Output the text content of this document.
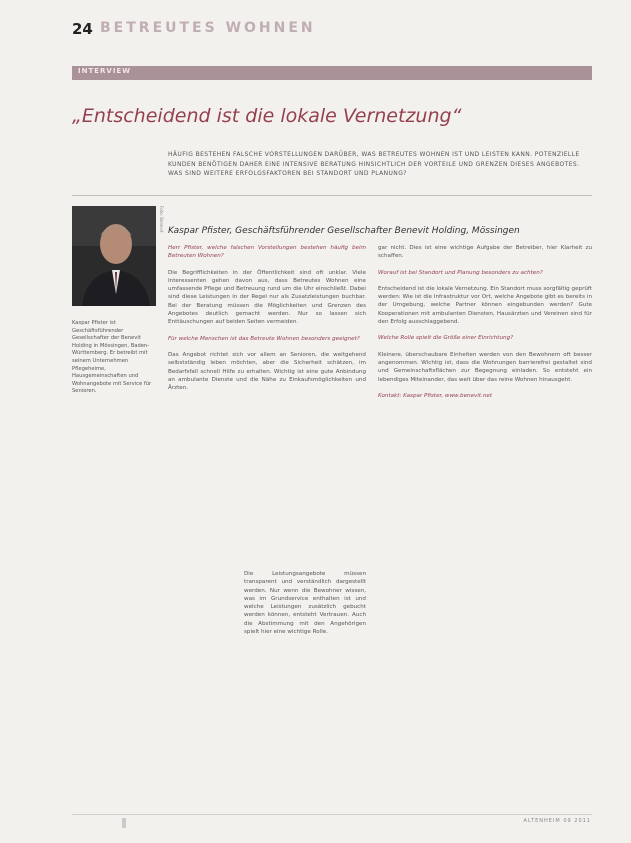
24 BETREUTES WOHNEN
INTERVIEW
„Entscheidend ist die lokale Vernetzung“
HÄUFIG BESTEHEN FALSCHE VORSTELLUNGEN DARÜBER, WAS BETREUTES WOHNEN IST UND LEISTEN KANN. POTENZIELLE KUNDEN BENÖTIGEN DAHER EINE INTENSIVE BERATUNG HINSICHTLICH DER VORTEILE UND GRENZEN DIESES ANGEBOTES. WAS SIND WEITERE ERFOLGSFAKTOREN BEI STANDORT UND PLANUNG?
Foto: Benevit
Kaspar Pfister ist Geschäftsführender Gesellschafter der Benevit Holding in Mössingen, Baden-Württemberg. Er betreibt mit seinem Unternehmen Pflegeheime, Hausgemeinschaften und Wohnangebote mit Service für Senioren.
Kaspar Pfister, Geschäftsführender Gesellschafter Benevit Holding, Mössingen

Herr Pfister, welche falschen Vorstellungen bestehen häufig beim Betreuten Wohnen?

Die Begrifflichkeiten in der Öffentlichkeit sind oft unklar. Viele Interessenten gehen davon aus, dass Betreutes Wohnen eine umfassende Pflege und Betreuung rund um die Uhr einschließt. Dabei sind diese Leistungen in der Regel nur als Zusatzleistungen buchbar. Bei der Beratung müssen die Möglichkeiten und Grenzen des Angebotes deutlich gemacht werden. Nur so lassen sich Enttäuschungen auf beiden Seiten vermeiden.

Für welche Menschen ist das Betreute Wohnen besonders geeignet?

Das Angebot richtet sich vor allem an Senioren, die weitgehend selbstständig leben möchten, aber die Sicherheit schätzen, im Bedarfsfall schnell Hilfe zu erhalten. Wichtig ist eine gute Anbindung an ambulante Dienste und die Nähe zu Einkaufsmöglichkeiten und Ärzten.

Die Leistungsangebote müssen transparent und verständlich dargestellt werden. Nur wenn die Bewohner wissen, was im Grundservice enthalten ist und welche Leistungen zusätzlich gebucht werden können, entsteht Vertrauen. Auch die Abstimmung mit den Angehörigen spielt hier eine wichtige Rolle.

gar nicht. Dies ist eine wichtige Aufgabe der Betreiber, hier Klarheit zu schaffen.

Worauf ist bei Standort und Planung besonders zu achten?

Entscheidend ist die lokale Vernetzung. Ein Standort muss sorgfältig geprüft werden: Wie ist die Infrastruktur vor Ort, welche Angebote gibt es bereits in der Umgebung, welche Partner können eingebunden werden? Gute Kooperationen mit ambulanten Diensten, Hausärzten und Vereinen sind für den Erfolg ausschlaggebend.

Welche Rolle spielt die Größe einer Einrichtung?

Kleinere, überschaubare Einheiten werden von den Bewohnern oft besser angenommen. Wichtig ist, dass die Wohnungen barrierefrei gestaltet sind und Gemeinschaftsflächen zur Begegnung einladen. So entsteht ein lebendiges Miteinander, das weit über das reine Wohnen hinausgeht.

Kontakt: Kaspar Pfister, www.benevit.net

ALTENHEIM 09 2011
